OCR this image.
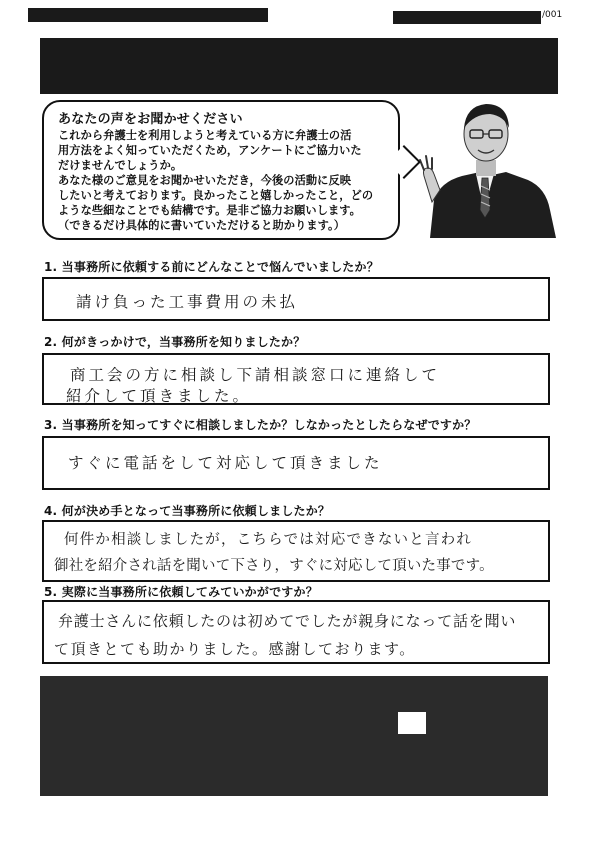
/001
あなたの声をお聞かせください

これから弁護士を利用しようと考えている方に弁護士の活

用方法をよく知っていただくため，アンケートにご協力いた

だけませんでしょうか。

あなた様のご意見をお聞かせいただき，今後の活動に反映

したいと考えております。良かったこと嬉しかったこと，どの

ような些細なことでも結構です。是非ご協力お願いします。

（できるだけ具体的に書いていただけると助かります。）

1. 当事務所に依頼する前にどんなことで悩んでいましたか？
請け負った工事費用の未払
2. 何がきっかけで，当事務所を知りましたか？
商工会の方に相談し下請相談窓口に連絡して
紹介して頂きました。
3. 当事務所を知ってすぐに相談しましたか？しなかったとしたらなぜですか？
すぐに電話をして対応して頂きました
4. 何が決め手となって当事務所に依頼しましたか？
何件か相談しましたが，こちらでは対応できないと言われ
御社を紹介され話を聞いて下さり，すぐに対応して頂いた事です。
5. 実際に当事務所に依頼してみていかがですか？
弁護士さんに依頼したのは初めてでしたが親身になって話を聞い
て頂きとても助かりました。感謝しております。
